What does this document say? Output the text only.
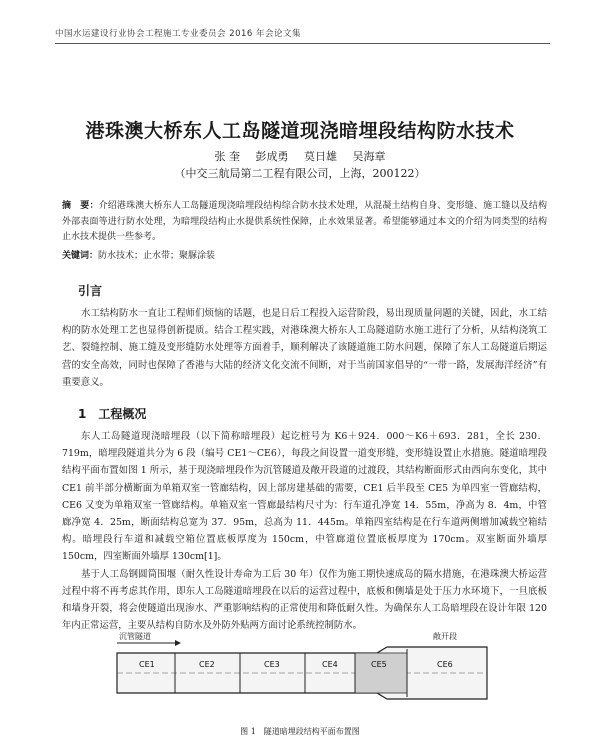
中国水运建设行业协会工程施工专业委员会 2016 年会论文集
港珠澳大桥东人工岛隧道现浇暗埋段结构防水技术
张 奎 彭成勇 莫日雄 吴海章
（中交三航局第二工程有限公司，上海，200122）
摘　要：介绍港珠澳大桥东人工岛隧道现浇暗埋段结构综合防水技术处理，从混凝土结构自身、变形缝、施工缝以及结构外部表面等进行防水处理，为暗埋段结构止水提供系统性保障，止水效果显著。希望能够通过本文的介绍为同类型的结构止水技术提供一些参考。
关键词：防水技术；止水带；聚脲涂装
引言

水工结构防水一直让工程师们烦恼的话题，也是日后工程投入运营阶段，易出现质量问题的关键，因此，水工结构的防水处理工艺也显得创新提质。结合工程实践，对港珠澳大桥东人工岛隧道防水施工进行了分析，从结构浇筑工艺、裂缝控制、施工缝及变形缝防水处理等方面着手，顺利解决了该隧道施工防水问题，保障了东人工岛隧道后期运营的安全高效，同时也保障了香港与大陆的经济文化交流不间断，对于当前国家倡导的“一带一路，发展海洋经济”有重要意义。

1　工程概况

东人工岛隧道现浇暗埋段（以下简称暗埋段）起讫桩号为 K6＋924．000～K6＋693．281，全长 230．719m，暗埋段隧道共分为 6 段（编号 CE1～CE6），每段之间设置一道变形缝，变形缝设置止水措施。隧道暗埋段结构平面布置如图 1 所示，基于现浇暗埋段作为沉管隧道及敞开段道的过渡段，其结构断面形式由西向东变化，其中 CE1 前半部分横断面为单箱双室一管廊结构，因上部房建基础的需要，CE1 后半段至 CE5 为单四室一管廊结构，CE6 又变为单箱双室一管廊结构。单箱双室一管廊最结构尺寸为：行车道孔净宽 14．55m，净高为 8．4m，中管廊净宽 4．25m，断面结构总宽为 37．95m，总高为 11．445m。单箱四室结构是在行车道两侧增加减载空箱结构。暗埋段行车道和减载空箱位置底板厚度为 150cm，中管廊道位置底板厚度为 170cm。双室断面外墙厚 150cm，四室断面外墙厚 130cm[1]。

基于人工岛钢圆筒围堰（耐久性设计寿命为工后 30 年）仅作为施工期快速成岛的隔水措施，在港珠澳大桥运营过程中将不再考虑其作用，即东人工岛隧道暗埋段在以后的运营过程中，底板和侧墙是处于压力水环境下，一旦底板和墙身开裂，将会使隧道出现渗水、严重影响结构的正常使用和降低耐久性。为确保东人工岛暗埋段在设计年限 120 年内正常运营，主要从结构自防水及外防外贴两方面讨论系统控制防水。

沉管隧道	敞开段
CE1	CE2	CE3	CE4	CE5	CE6
图 1　隧道暗埋段结构平面布置图
